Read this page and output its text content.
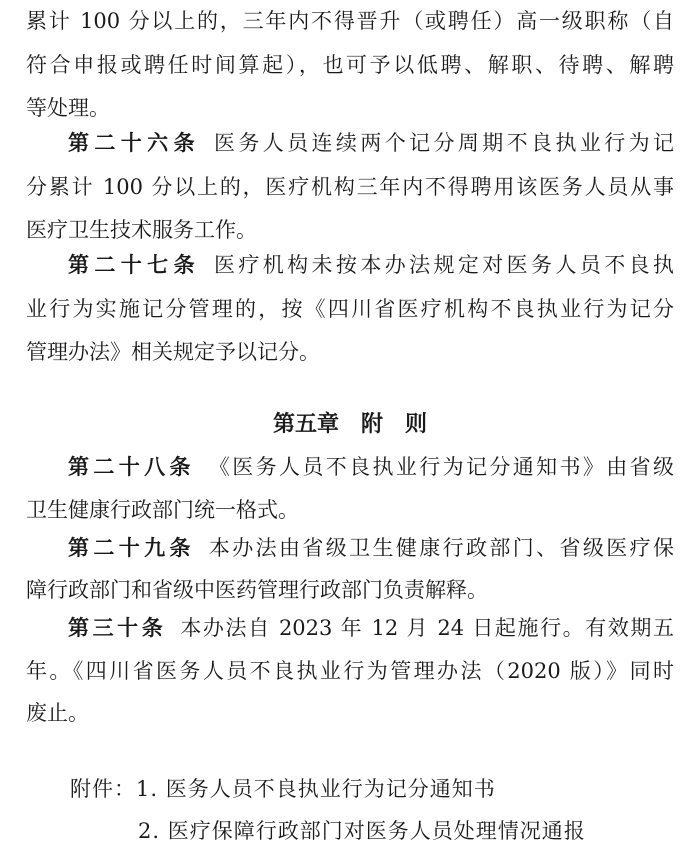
累计 100 分以上的，三年内不得晋升（或聘任）高一级职称（自
符合申报或聘任时间算起），也可予以低聘、解职、待聘、解聘
等处理。
第二十六条 医务人员连续两个记分周期不良执业行为记
分累计 100 分以上的，医疗机构三年内不得聘用该医务人员从事
医疗卫生技术服务工作。
第二十七条 医疗机构未按本办法规定对医务人员不良执
业行为实施记分管理的，按《四川省医疗机构不良执业行为记分
管理办法》相关规定予以记分。
第五章 附 则
第二十八条 《医务人员不良执业行为记分通知书》由省级
卫生健康行政部门统一格式。
第二十九条 本办法由省级卫生健康行政部门、省级医疗保
障行政部门和省级中医药管理行政部门负责解释。
第三十条 本办法自 2023 年 12 月 24 日起施行。有效期五
年。《四川省医务人员不良执业行为管理办法（2020 版）》同时
废止。
附件：1. 医务人员不良执业行为记分通知书
2. 医疗保障行政部门对医务人员处理情况通报
